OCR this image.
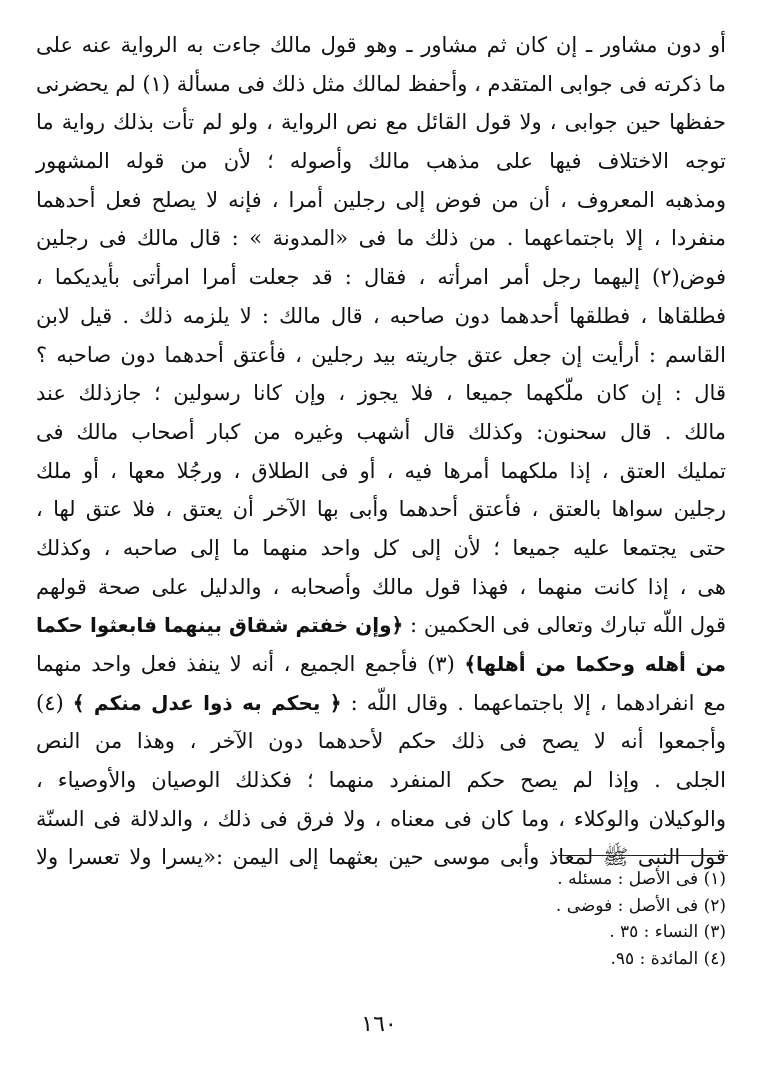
أو دون مشاور ـ إن كان ثم مشاور ـ وهو قول مالك جاءت به الرواية عنه على
ما ذكرته فى جوابى المتقدم ، وأحفظ لمالك مثل ذلك فى مسألة (١) لم يحضرنى
حفظها حين جوابى ، ولا قول القائل مع نص الرواية ، ولو لم تأت بذلك رواية ما
توجه الاختلاف فيها على مذهب مالك وأصوله ؛ لأن من قوله المشهور
ومذهبه المعروف ، أن من فوض إلى رجلين أمرا ، فإنه لا يصلح فعل أحدهما
منفردا ، إلا باجتماعهما . من ذلك ما فى «المدونة » : قال مالك فى رجلين
فوض(٢) إليهما رجل أمر امرأته ، فقال : قد جعلت أمرا امرأتى بأيديكما ،
فطلقاها ، فطلقها أحدهما دون صاحبه ، قال مالك : لا يلزمه ذلك . قيل لابن
القاسم : أرأيت إن جعل عتق جاريته بيد رجلين ، فأعتق أحدهما دون صاحبه ؟
قال : إن كان ملّكهما جميعا ، فلا يجوز ، وإن كانا رسولين ؛ جازذلك عند
مالك . قال سحنون: وكذلك قال أشهب وغيره من كبار أصحاب مالك فى
تمليك العتق ، إذا ملكهما أمرها فيه ، أو فى الطلاق ، ورجُلا معها ، أو ملك
رجلين سواها بالعتق ، فأعتق أحدهما وأبى بها الآخر أن يعتق ، فلا عتق لها ،
حتى يجتمعا عليه جميعا ؛ لأن إلى كل واحد منهما ما إلى صاحبه ، وكذلك
هى ، إذا كانت منهما ، فهذا قول مالك وأصحابه ، والدليل على صحة قولهم
قول اللّه تبارك وتعالى فى الحكمين : ﴿وإن خفتم شقاق بينهما فابعثوا حكما
من أهله وحكما من أهلها﴾ (٣) فأجمع الجميع ، أنه لا ينفذ فعل واحد منهما
مع انفرادهما ، إلا باجتماعهما . وقال اللّه : ﴿ يحكم به ذوا عدل منكم ﴾ (٤)
وأجمعوا أنه لا يصح فى ذلك حكم لأحدهما دون الآخر ، وهذا من النص
الجلى . وإذا لم يصح حكم المنفرد منهما ؛ فكذلك الوصيان والأوصياء ،
والوكيلان والوكلاء ، وما كان فى معناه ، ولا فرق فى ذلك ، والدلالة فى السنّة
قول النبى ﷺ لمعاذ وأبى موسى حين بعثهما إلى اليمن :«يسرا ولا تعسرا ولا
(١) فى الأصل : مسئله .
(٢) فى الأصل : فوضى .
(٣) النساء : ٣٥ .
(٤) المائدة : ٩٥.
١٦٠
